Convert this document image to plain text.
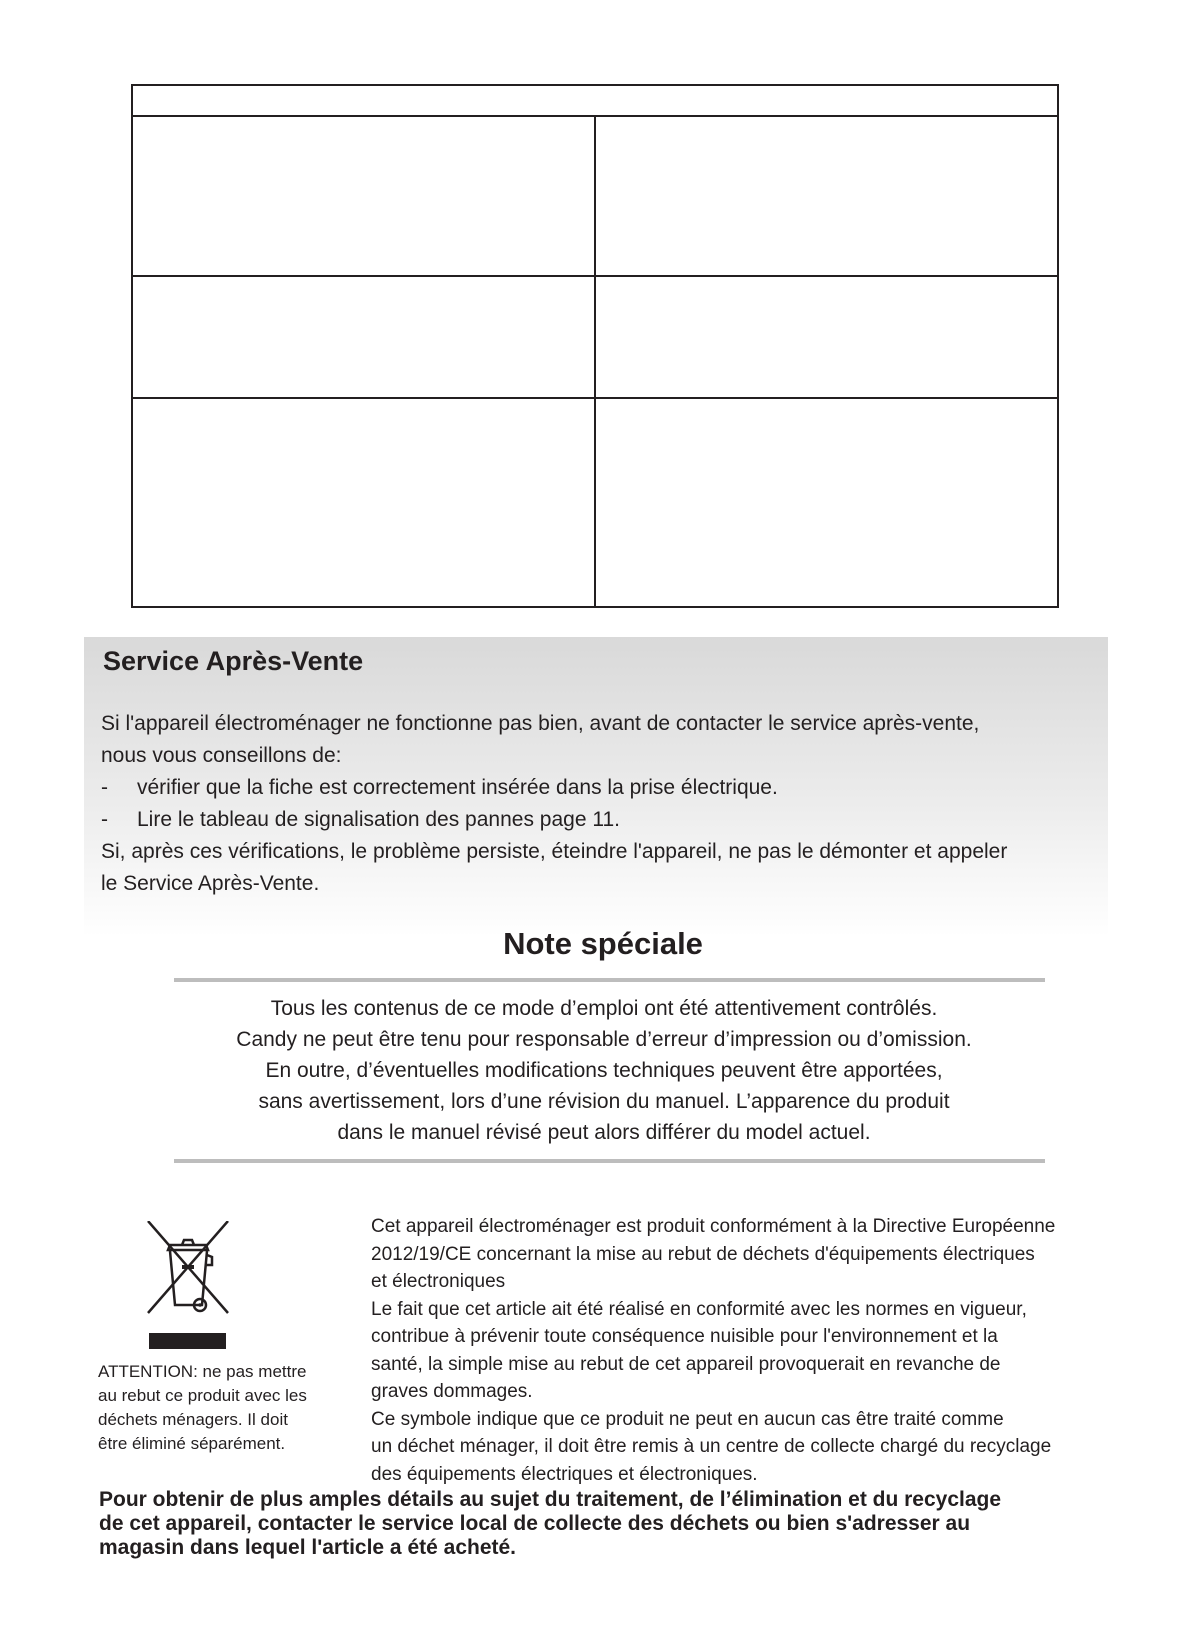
Service Après-Vente

Si l'appareil électroménager ne fonctionne pas bien, avant de contacter le service après-vente,

nous vous conseillons de:

- vérifier que la fiche est correctement insérée dans la prise électrique.

- Lire le tableau de signalisation des pannes page 11.

Si, après ces vérifications, le problème persiste, éteindre l'appareil, ne pas le démonter et appeler

le Service Après-Vente.

Note spéciale

Tous les contenus de ce mode d’emploi ont été attentivement contrôlés.

Candy ne peut être tenu pour responsable d’erreur d’impression ou d’omission.

En outre, d’éventuelles modifications techniques peuvent être apportées,

sans avertissement, lors d’une révision du manuel. L’apparence du produit

dans le manuel révisé peut alors différer du model actuel.

ATTENTION: ne pas mettre

au rebut ce produit avec les

déchets ménagers. Il doit

être éliminé séparément.

Cet appareil électroménager est produit conformément à la Directive Européenne

2012/19/CE concernant la mise au rebut de déchets d'équipements électriques

et électroniques

Le fait que cet article ait été réalisé en conformité avec les normes en vigueur,

contribue à prévenir toute conséquence nuisible pour l'environnement et la

santé, la simple mise au rebut de cet appareil provoquerait en revanche de

graves dommages.

Ce symbole indique que ce produit ne peut en aucun cas être traité comme

un déchet ménager, il doit être remis à un centre de collecte chargé du recyclage

des équipements électriques et électroniques.

Pour obtenir de plus amples détails au sujet du traitement, de l’élimination et du recyclage

de cet appareil, contacter le service local de collecte des déchets ou bien s'adresser au

magasin dans lequel l'article a été acheté.
